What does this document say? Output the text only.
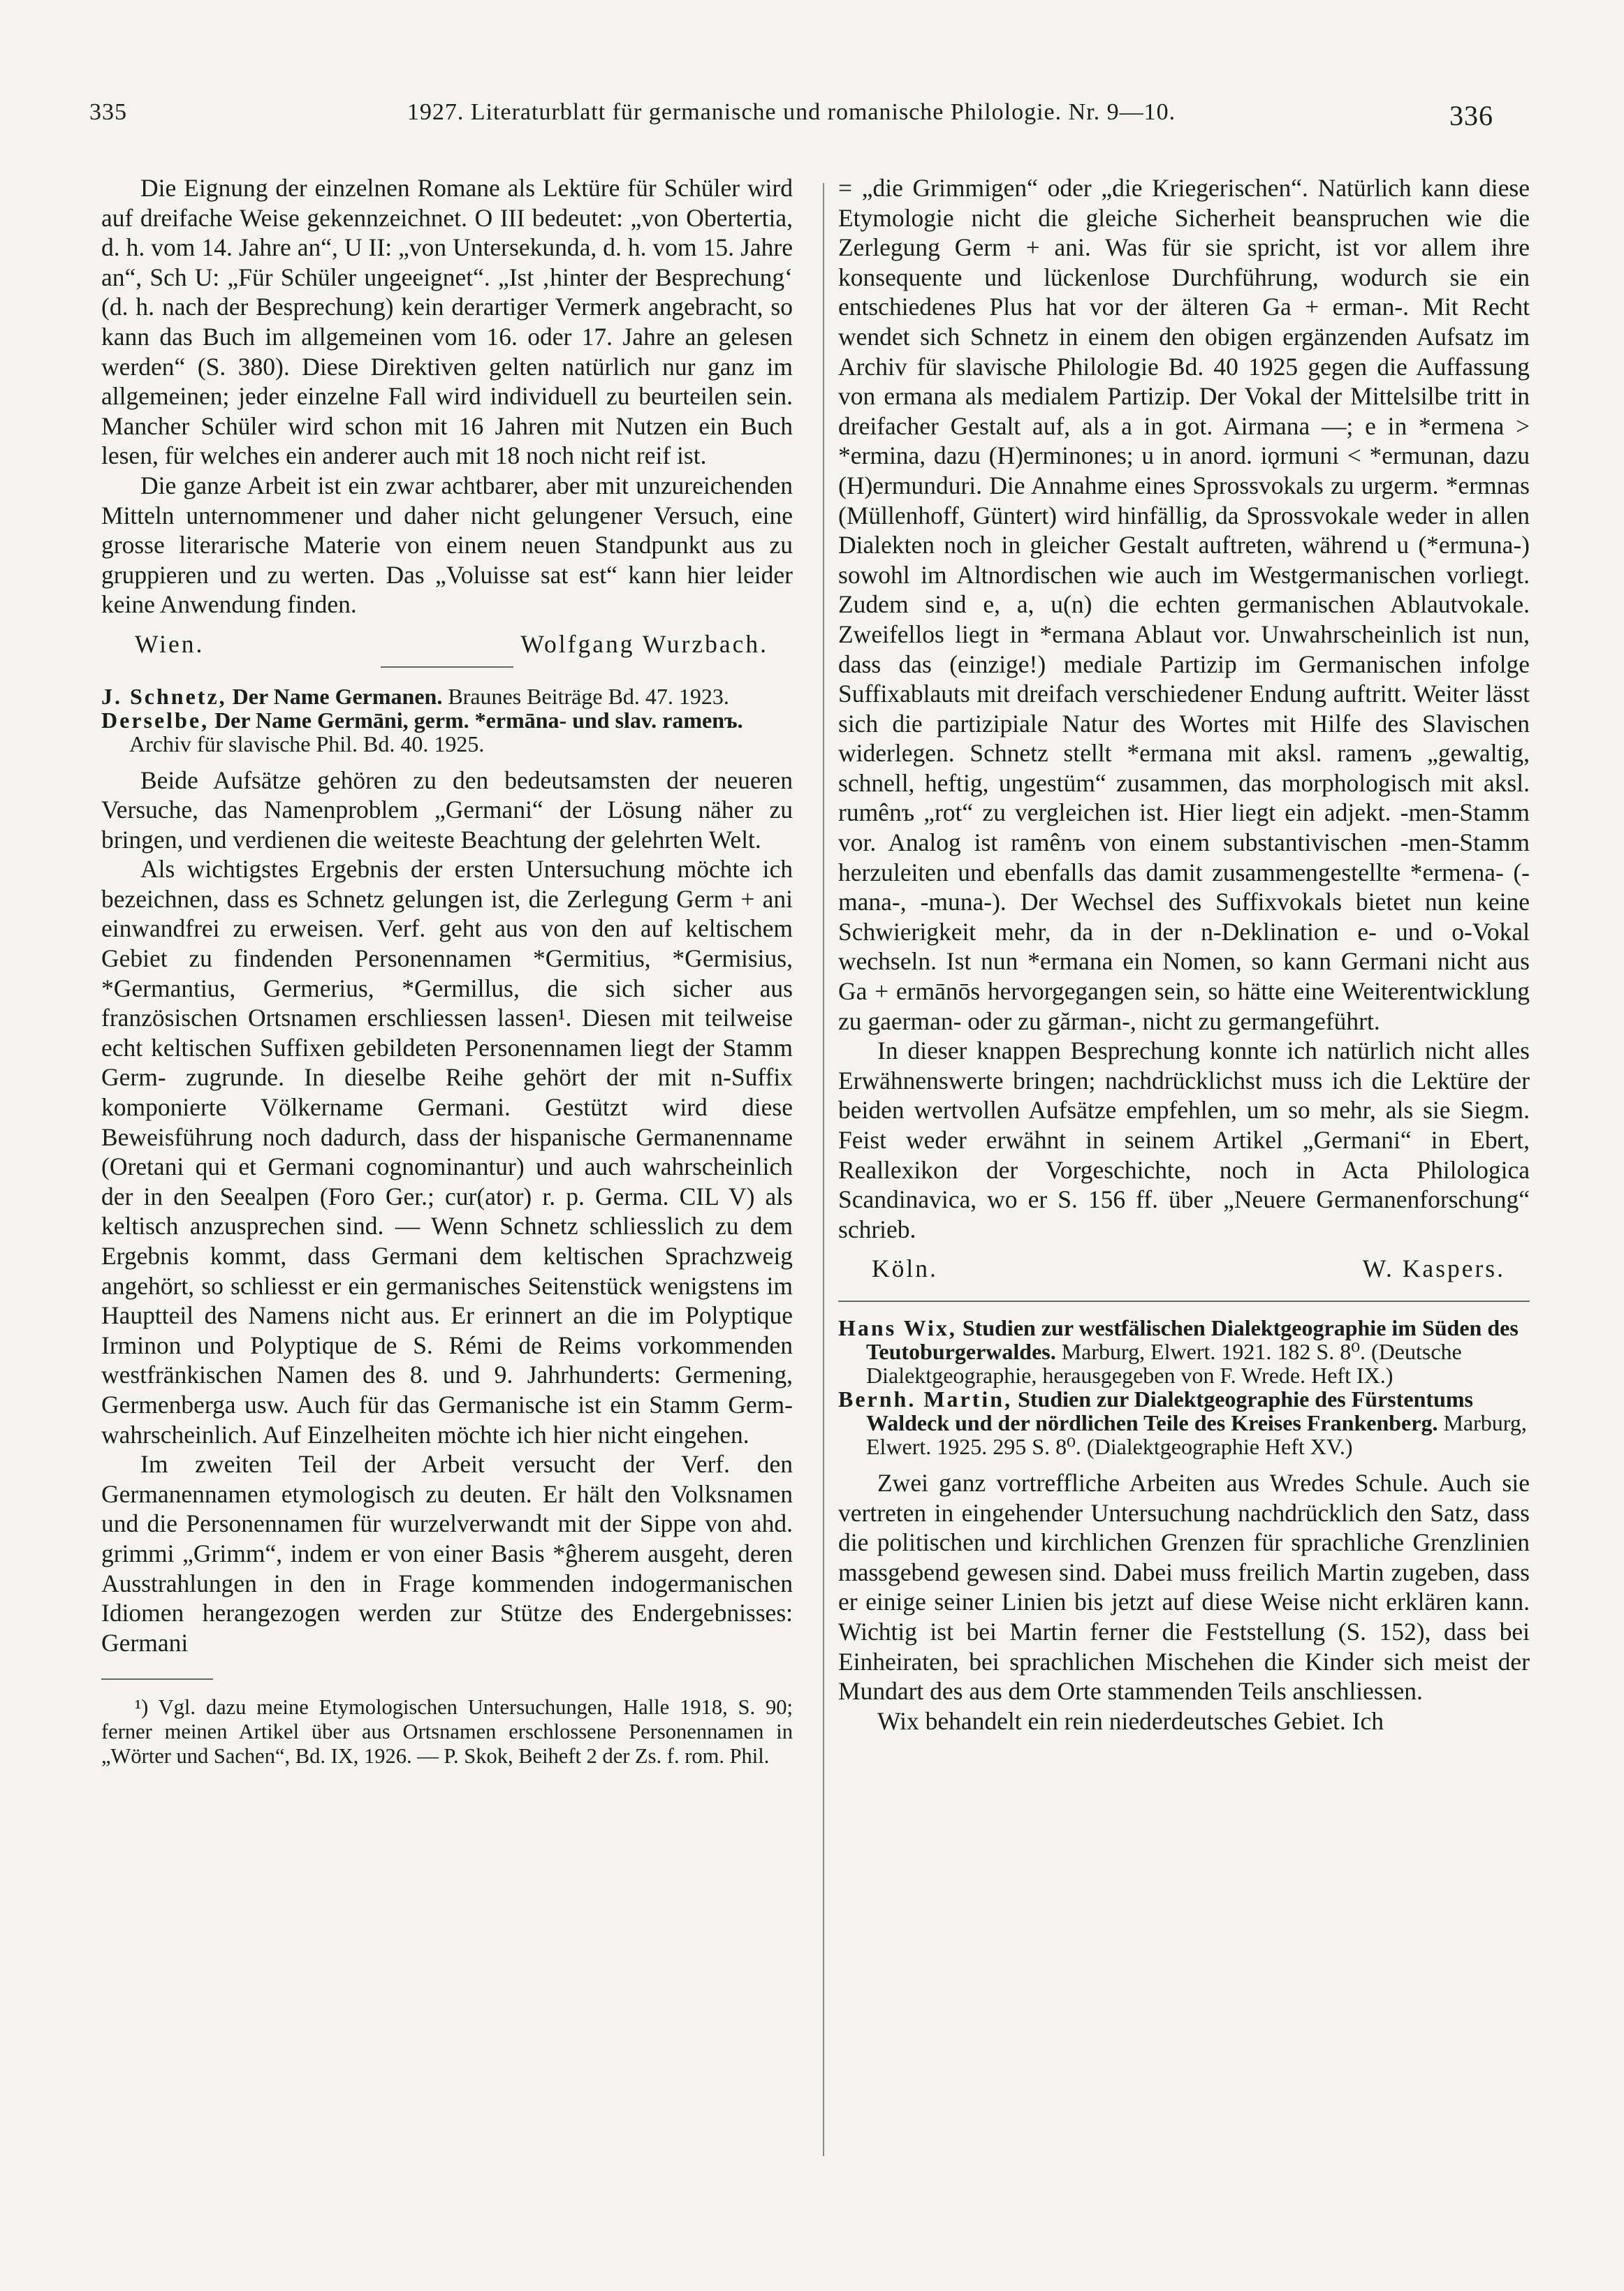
335	1927. Literaturblatt für germanische und romanische Philologie. Nr. 9—10.	336

Die Eignung der einzelnen Romane als Lektüre für Schüler wird auf dreifache Weise gekennzeichnet. O III bedeutet: „von Obertertia, d. h. vom 14. Jahre an“, U II: „von Untersekunda, d. h. vom 15. Jahre an“, Sch U: „Für Schüler ungeeignet“. „Ist ‚hinter der Besprechung‘ (d. h. nach der Besprechung) kein derartiger Vermerk angebracht, so kann das Buch im allgemeinen vom 16. oder 17. Jahre an gelesen werden“ (S. 380). Diese Direktiven gelten natürlich nur ganz im allgemeinen; jeder einzelne Fall wird individuell zu beurteilen sein. Mancher Schüler wird schon mit 16 Jahren mit Nutzen ein Buch lesen, für welches ein anderer auch mit 18 noch nicht reif ist.

Die ganze Arbeit ist ein zwar achtbarer, aber mit unzureichenden Mitteln unternommener und daher nicht gelungener Versuch, eine grosse literarische Materie von einem neuen Standpunkt aus zu gruppieren und zu werten. Das „Voluisse sat est“ kann hier leider keine Anwendung finden.

Wien.	Wolfgang Wurzbach.

J. Schnetz, Der Name Germanen. Braunes Beiträge Bd. 47. 1923.

Derselbe, Der Name Germāni, germ. *ermāna- und slav. ramenъ. Archiv für slavische Phil. Bd. 40. 1925.

Beide Aufsätze gehören zu den bedeutsamsten der neueren Versuche, das Namenproblem „Germani“ der Lösung näher zu bringen, und verdienen die weiteste Beachtung der gelehrten Welt.

Als wichtigstes Ergebnis der ersten Untersuchung möchte ich bezeichnen, dass es Schnetz gelungen ist, die Zerlegung Germ + ani einwandfrei zu erweisen. Verf. geht aus von den auf keltischem Gebiet zu findenden Personennamen *Germitius, *Germisius, *Germantius, Germerius, *Germillus, die sich sicher aus französischen Ortsnamen erschliessen lassen¹. Diesen mit teilweise echt keltischen Suffixen gebildeten Personennamen liegt der Stamm Germ- zugrunde. In dieselbe Reihe gehört der mit n-Suffix komponierte Völkername Germani. Gestützt wird diese Beweisführung noch dadurch, dass der hispanische Germanenname (Oretani qui et Germani cognominantur) und auch wahrscheinlich der in den Seealpen (Foro Ger.; cur(ator) r. p. Germa. CIL V) als keltisch anzusprechen sind. — Wenn Schnetz schliesslich zu dem Ergebnis kommt, dass Germani dem keltischen Sprachzweig angehört, so schliesst er ein germanisches Seitenstück wenigstens im Hauptteil des Namens nicht aus. Er erinnert an die im Polyptique Irminon und Polyptique de S. Rémi de Reims vorkommenden westfränkischen Namen des 8. und 9. Jahrhunderts: Germening, Germenberga usw. Auch für das Germanische ist ein Stamm Germ- wahrscheinlich. Auf Einzelheiten möchte ich hier nicht eingehen.

Im zweiten Teil der Arbeit versucht der Verf. den Germanennamen etymologisch zu deuten. Er hält den Volksnamen und die Personennamen für wurzelverwandt mit der Sippe von ahd. grimmi „Grimm“, indem er von einer Basis *ĝherem ausgeht, deren Ausstrahlungen in den in Frage kommenden indogermanischen Idiomen herangezogen werden zur Stütze des Endergebnisses: Germani

¹) Vgl. dazu meine Etymologischen Untersuchungen, Halle 1918, S. 90; ferner meinen Artikel über aus Ortsnamen erschlossene Personennamen in „Wörter und Sachen“, Bd. IX, 1926. — P. Skok, Beiheft 2 der Zs. f. rom. Phil.

= „die Grimmigen“ oder „die Kriegerischen“. Natürlich kann diese Etymologie nicht die gleiche Sicherheit beanspruchen wie die Zerlegung Germ + ani. Was für sie spricht, ist vor allem ihre konsequente und lückenlose Durchführung, wodurch sie ein entschiedenes Plus hat vor der älteren Ga + erman-. Mit Recht wendet sich Schnetz in einem den obigen ergänzenden Aufsatz im Archiv für slavische Philologie Bd. 40 1925 gegen die Auffassung von ermana als medialem Partizip. Der Vokal der Mittelsilbe tritt in dreifacher Gestalt auf, als a in got. Airmana —; e in *ermena > *ermina, dazu (H)erminones; u in anord. iǫrmuni < *ermunan, dazu (H)ermunduri. Die Annahme eines Sprossvokals zu urgerm. *ermnas (Müllenhoff, Güntert) wird hinfällig, da Sprossvokale weder in allen Dialekten noch in gleicher Gestalt auftreten, während u (*ermuna-) sowohl im Altnordischen wie auch im Westgermanischen vorliegt. Zudem sind e, a, u(n) die echten germanischen Ablautvokale. Zweifellos liegt in *ermana Ablaut vor. Unwahrscheinlich ist nun, dass das (einzige!) mediale Partizip im Germanischen infolge Suffixablauts mit dreifach verschiedener Endung auftritt. Weiter lässt sich die partizipiale Natur des Wortes mit Hilfe des Slavischen widerlegen. Schnetz stellt *ermana mit aksl. ramenъ „gewaltig, schnell, heftig, ungestüm“ zusammen, das morphologisch mit aksl. rumênъ „rot“ zu vergleichen ist. Hier liegt ein adjekt. -men-Stamm vor. Analog ist ramênъ von einem substantivischen -men-Stamm herzuleiten und ebenfalls das damit zusammengestellte *ermena- (-mana-, -muna-). Der Wechsel des Suffixvokals bietet nun keine Schwierigkeit mehr, da in der n-Deklination e- und o-Vokal wechseln. Ist nun *ermana ein Nomen, so kann Germani nicht aus Ga + ermānōs hervorgegangen sein, so hätte eine Weiterentwicklung zu gaerman- oder zu gărman-, nicht zu germangeführt.

In dieser knappen Besprechung konnte ich natürlich nicht alles Erwähnenswerte bringen; nachdrücklichst muss ich die Lektüre der beiden wertvollen Aufsätze empfehlen, um so mehr, als sie Siegm. Feist weder erwähnt in seinem Artikel „Germani“ in Ebert, Reallexikon der Vorgeschichte, noch in Acta Philologica Scandinavica, wo er S. 156 ff. über „Neuere Germanenforschung“ schrieb.

Köln.	W. Kaspers.

Hans Wix, Studien zur westfälischen Dialektgeographie im Süden des Teutoburgerwaldes. Marburg, Elwert. 1921. 182 S. 8⁰. (Deutsche Dialektgeographie, herausgegeben von F. Wrede. Heft IX.)

Bernh. Martin, Studien zur Dialektgeographie des Fürstentums Waldeck und der nördlichen Teile des Kreises Frankenberg. Marburg, Elwert. 1925. 295 S. 8⁰. (Dialektgeographie Heft XV.)

Zwei ganz vortreffliche Arbeiten aus Wredes Schule. Auch sie vertreten in eingehender Untersuchung nachdrücklich den Satz, dass die politischen und kirchlichen Grenzen für sprachliche Grenzlinien massgebend gewesen sind. Dabei muss freilich Martin zugeben, dass er einige seiner Linien bis jetzt auf diese Weise nicht erklären kann. Wichtig ist bei Martin ferner die Feststellung (S. 152), dass bei Einheiraten, bei sprachlichen Mischehen die Kinder sich meist der Mundart des aus dem Orte stammenden Teils anschliessen.

Wix behandelt ein rein niederdeutsches Gebiet. Ich
